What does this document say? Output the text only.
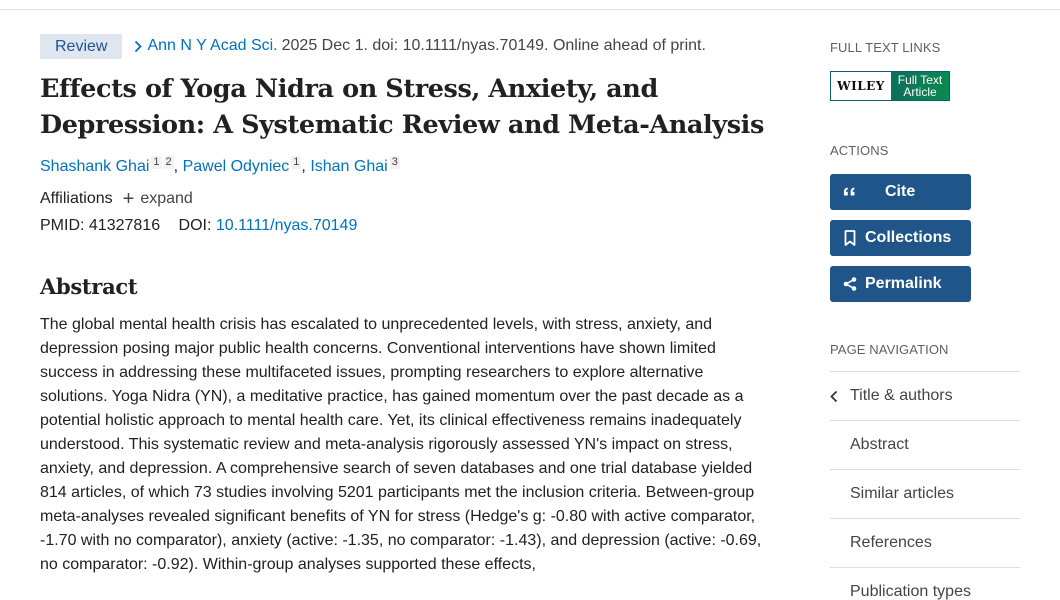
Review	Ann N Y Acad Sci. 2025 Dec 1. doi: 10.1111/nyas.70149. Online ahead of print.
Effects of Yoga Nidra on Stress, Anxiety, and Depression: A Systematic Review and Meta-Analysis
Shashank Ghai 1 2 , Pawel Odyniec 1 , Ishan Ghai 3
Affiliations + expand
PMID: 41327816 DOI: 10.1111/nyas.70149
Abstract

The global mental health crisis has escalated to unprecedented levels, with stress, anxiety, and depression posing major public health concerns. Conventional interventions have shown limited success in addressing these multifaceted issues, prompting researchers to explore alternative solutions. Yoga Nidra (YN), a meditative practice, has gained momentum over the past decade as a potential holistic approach to mental health care. Yet, its clinical effectiveness remains inadequately understood. This systematic review and meta-analysis rigorously assessed YN's impact on stress, anxiety, and depression. A comprehensive search of seven databases and one trial database yielded 814 articles, of which 73 studies involving 5201 participants met the inclusion criteria. Between-group meta-analyses revealed significant benefits of YN for stress (Hedge's g: -0.80 with active comparator, -1.70 with no comparator), anxiety (active: -1.35, no comparator: -1.43), and depression (active: -0.69, no comparator: -0.92). Within-group analyses supported these effects,

FULL TEXT LINKS
WILEY	Full Text
Article
ACTIONS
Cite
Collections
Permalink
PAGE NAVIGATION
Title & authors
Abstract
Similar articles
References
Publication types
